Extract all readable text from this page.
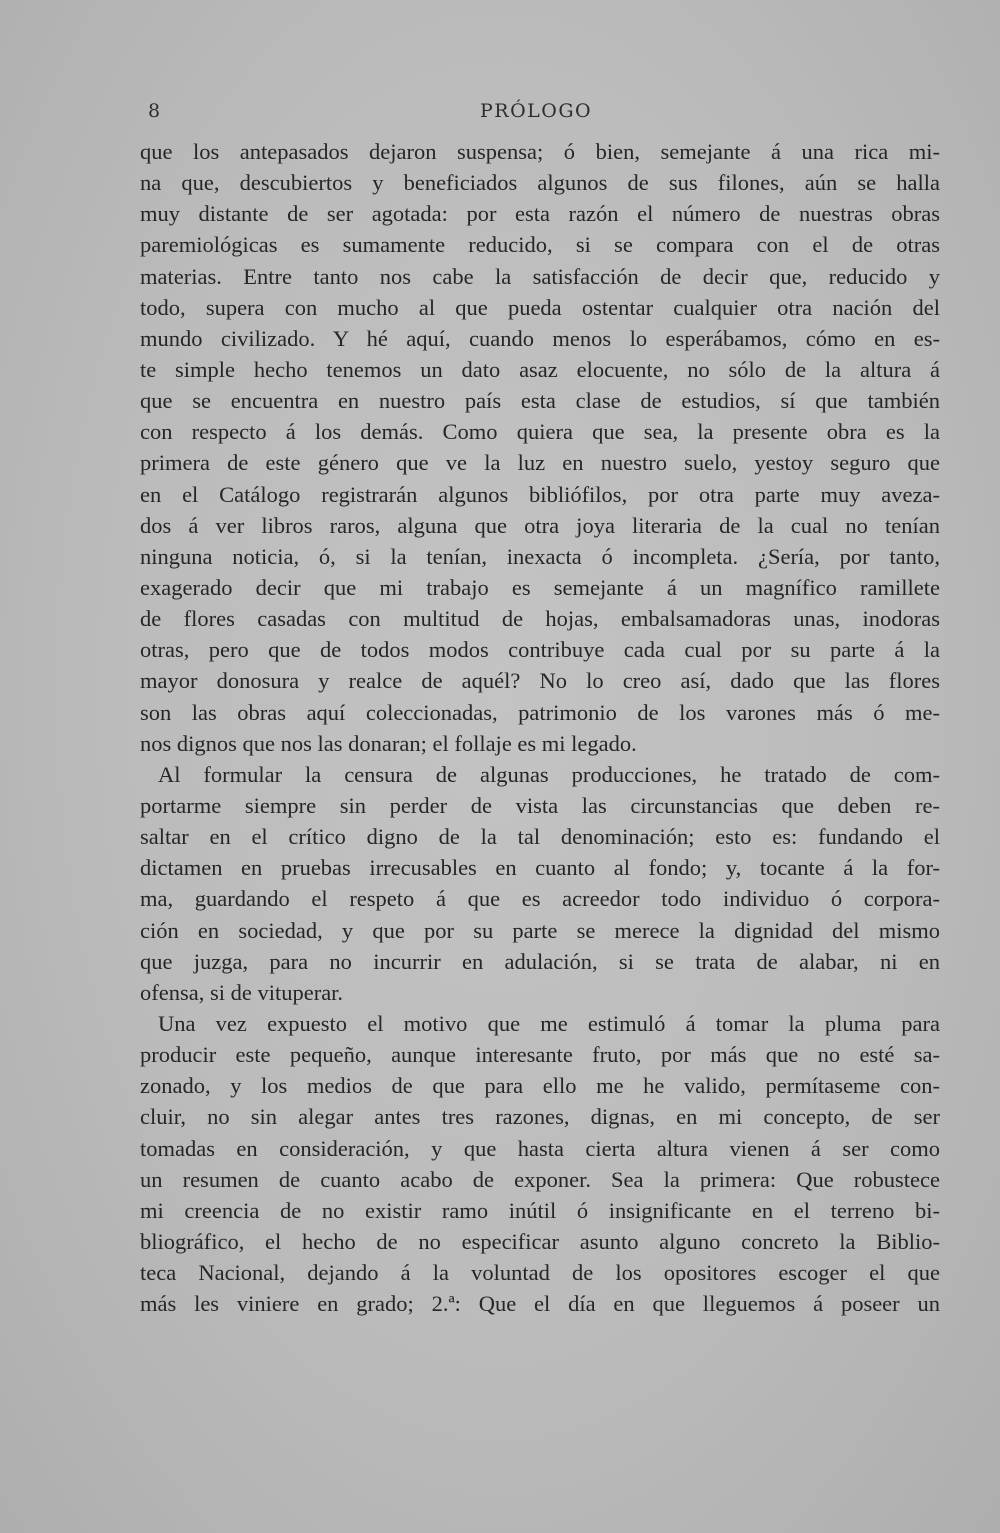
8	PRÓLOGO
que los antepasados dejaron suspensa; ó bien, semejante á una rica mi-
na que, descubiertos y beneficiados algunos de sus filones, aún se halla
muy distante de ser agotada: por esta razón el número de nuestras obras
paremiológicas es sumamente reducido, si se compara con el de otras
materias. Entre tanto nos cabe la satisfacción de decir que, reducido y
todo, supera con mucho al que pueda ostentar cualquier otra nación del
mundo civilizado. Y hé aquí, cuando menos lo esperábamos, cómo en es-
te simple hecho tenemos un dato asaz elocuente, no sólo de la altura á
que se encuentra en nuestro país esta clase de estudios, sí que también
con respecto á los demás. Como quiera que sea, la presente obra es la
primera de este género que ve la luz en nuestro suelo, yestoy seguro que
en el Catálogo registrarán algunos bibliófilos, por otra parte muy aveza-
dos á ver libros raros, alguna que otra joya literaria de la cual no tenían
ninguna noticia, ó, si la tenían, inexacta ó incompleta. ¿Sería, por tanto,
exagerado decir que mi trabajo es semejante á un magnífico ramillete
de flores casadas con multitud de hojas, embalsamadoras unas, inodoras
otras, pero que de todos modos contribuye cada cual por su parte á la
mayor donosura y realce de aquél? No lo creo así, dado que las flores
son las obras aquí coleccionadas, patrimonio de los varones más ó me-
nos dignos que nos las donaran; el follaje es mi legado.
Al formular la censura de algunas producciones, he tratado de com-
portarme siempre sin perder de vista las circunstancias que deben re-
saltar en el crítico digno de la tal denominación; esto es: fundando el
dictamen en pruebas irrecusables en cuanto al fondo; y, tocante á la for-
ma, guardando el respeto á que es acreedor todo individuo ó corpora-
ción en sociedad, y que por su parte se merece la dignidad del mismo
que juzga, para no incurrir en adulación, si se trata de alabar, ni en
ofensa, si de vituperar.
Una vez expuesto el motivo que me estimuló á tomar la pluma para
producir este pequeño, aunque interesante fruto, por más que no esté sa-
zonado, y los medios de que para ello me he valido, permítaseme con-
cluir, no sin alegar antes tres razones, dignas, en mi concepto, de ser
tomadas en consideración, y que hasta cierta altura vienen á ser como
un resumen de cuanto acabo de exponer. Sea la primera: Que robustece
mi creencia de no existir ramo inútil ó insignificante en el terreno bi-
bliográfico, el hecho de no especificar asunto alguno concreto la Biblio-
teca Nacional, dejando á la voluntad de los opositores escoger el que
más les viniere en grado; 2.ª: Que el día en que lleguemos á poseer un
